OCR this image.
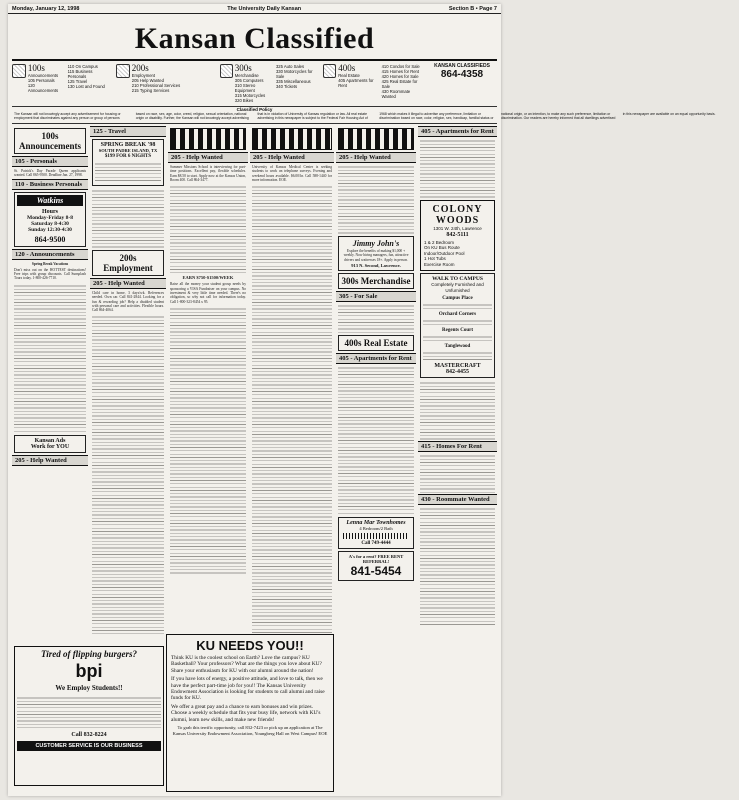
Monday, January 12, 1998	The University Daily Kansan	Section B • Page 7
Kansan Classified
100s
Announcements
105 Personals
120 Announcements
110 On Campus
115 Business Personals
125 Travel
130 Lost and Found
200s
Employment
205 Help Wanted
210 Professional Services
215 Typing Services
300s
Merchandise
305 Computers
310 Stereo Equipment
315 Motorcycles
320 Bikes
325 Auto Sales
330 Motorcycles for Sale
335 Miscellaneous
340 Tickets
400s
Real Estate
405 Apartments for Rent
410 Condos for Sale
415 Homes for Rent
420 Homes for Sale
425 Real Estate for Sale
430 Roommate Wanted
KANSAN CLASSIFIEDS
864-4358
Classified Policy
The Kansan will not knowingly accept any advertisement for housing or employment that discriminates against any person or group of persons based on race, sex, age, color, creed, religion, sexual orientation, national origin or disability. Further, the Kansan will not knowingly accept advertising that is in violation of University of Kansas regulation or law. All real estate advertising in this newspaper is subject to the Federal Fair Housing Act of 1968 which makes it illegal to advertise any preference, limitation or discrimination based on race, color, religion, sex, handicap, familial status or national origin, or an intention, to make any such preference, limitation or discrimination. Our readers are hereby informed that all dwellings advertised in this newspaper are available on an equal opportunity basis.
100s Announcements
105 - Personals
St. Patrick's Day Parade Queen applicants wanted. Call 865-9500. Deadline Jan. 27, 1998.
110 - Business Personals
Watkins
Hours
Monday-Friday 8-8
Saturday 8-4:30
Sunday 12:30-4:30
864-9500
120 - Announcements
Spring Break Vacations
Don't miss out on the HOTTEST destinations! Free trips with group discounts. Call Sunsplash Tours today. 1-800-426-7710.
Kansan Ads
Work for YOU
205 - Help Wanted
125 - Travel
SPRING BREAK '98
SOUTH PADRE ISLAND, TX
$199 FOR 6 NIGHTS
200s Employment
205 - Help Wanted
Child care in home, 3 days/wk. References needed. Own car. Call 841-2844. Looking for a fun & rewarding job? Help a disabled student with personal care and activities. Flexible hours. Call 864-4064.
205 - Help Wanted
Summer Missions School is interviewing for part-time positions. Excellent pay, flexible schedules. Earn $8.50 to start. Apply now at the Kansas Union, Room 400. Call 864-3477.
EARN $750-$1500/WEEK
Raise all the money your student group needs by sponsoring a VISA Fundraiser on your campus. No investment & very little time needed. There's no obligation, so why not call for information today. Call 1-800-323-8454 x 95.
205 - Help Wanted
University of Kansas Medical Center is seeking students to work on telephone surveys. Evening and weekend hours available. $6.00/hr. Call 588-1440 for more information. EOE.
205 - Help Wanted
Jimmy John's
Explore the benefits of making $1,000 + weekly. Now hiring managers, fun, attractive drivers and waitresses 18+. Apply in person.
913 N. Second, Lawrence.
300s Merchandise
305 - For Sale
400s Real Estate
405 - Apartments for Rent
Lenna Mar Townhomes
4 Bedroom/2 Bath
Call 749-4444
A's for a rent? FREE RENT REFERRAL!
841-5454
405 - Apartments for Rent
COLONY WOODS
1301 W. 24th, Lawrence
842-5111
1 & 2 Bedroom
On KU Bus Route
Indoor/Outdoor Pool
1 Hot Tubs
Exercise Room
WALK TO CAMPUS
Completely Furnished and Unfurnished
Campus Place
Orchard Corners
Regents Court
Tanglewood
MASTERCRAFT
842-4455
415 - Homes For Rent
430 - Roommate Wanted
Tired of flipping burgers?
bpi
We Employ Students!!
Call 832-8224
CUSTOMER SERVICE IS OUR BUSINESS
KU NEEDS YOU!!

Think KU is the coolest school on Earth? Love the campus? KU Basketball? Your professors? What are the things you love about KU? Share your enthusiasm for KU with our alumni around the nation!

If you have lots of energy, a positive attitude, and love to talk, then we have the perfect part-time job for you!! The Kansas University Endowment Association is looking for students to call alumni and raise funds for KU.

We offer a great pay and a chance to earn bonuses and win prizes. Choose a weekly schedule that fits your busy life, network with KU's alumni, learn new skills, and make new friends!

To grab this terrific opportunity, call 832-7423 or pick up an application at The Kansas University Endowment Association, Youngberg Hall on West Campus! EOE
